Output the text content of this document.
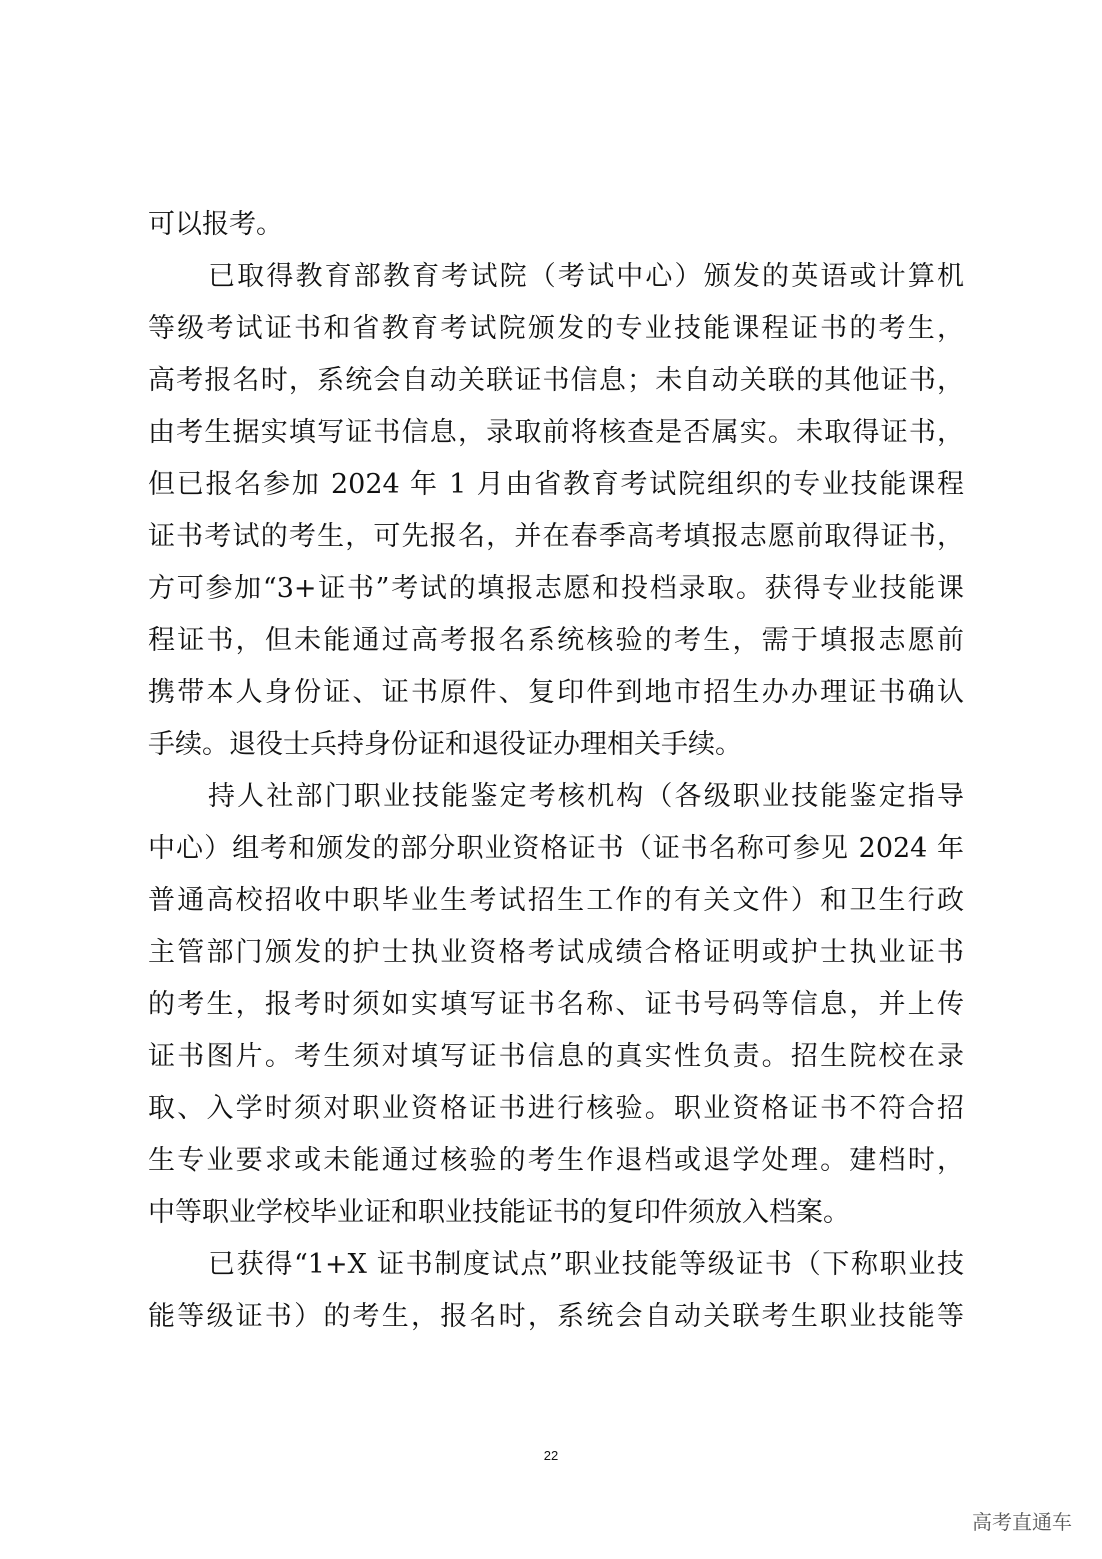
可以报考。
已取得教育部教育考试院（考试中心）颁发的英语或计算机
等级考试证书和省教育考试院颁发的专业技能课程证书的考生，
高考报名时，系统会自动关联证书信息；未自动关联的其他证书，
由考生据实填写证书信息，录取前将核查是否属实。未取得证书，
但已报名参加 2024 年 1 月由省教育考试院组织的专业技能课程
证书考试的考生，可先报名，并在春季高考填报志愿前取得证书，
方可参加“3+证书”考试的填报志愿和投档录取。获得专业技能课
程证书，但未能通过高考报名系统核验的考生，需于填报志愿前
携带本人身份证、证书原件、复印件到地市招生办办理证书确认
手续。退役士兵持身份证和退役证办理相关手续。
持人社部门职业技能鉴定考核机构（各级职业技能鉴定指导
中心）组考和颁发的部分职业资格证书（证书名称可参见 2024 年
普通高校招收中职毕业生考试招生工作的有关文件）和卫生行政
主管部门颁发的护士执业资格考试成绩合格证明或护士执业证书
的考生，报考时须如实填写证书名称、证书号码等信息，并上传
证书图片。考生须对填写证书信息的真实性负责。招生院校在录
取、入学时须对职业资格证书进行核验。职业资格证书不符合招
生专业要求或未能通过核验的考生作退档或退学处理。建档时，
中等职业学校毕业证和职业技能证书的复印件须放入档案。
已获得“1+X 证书制度试点”职业技能等级证书（下称职业技
能等级证书）的考生，报名时，系统会自动关联考生职业技能等
22
高考直通车
